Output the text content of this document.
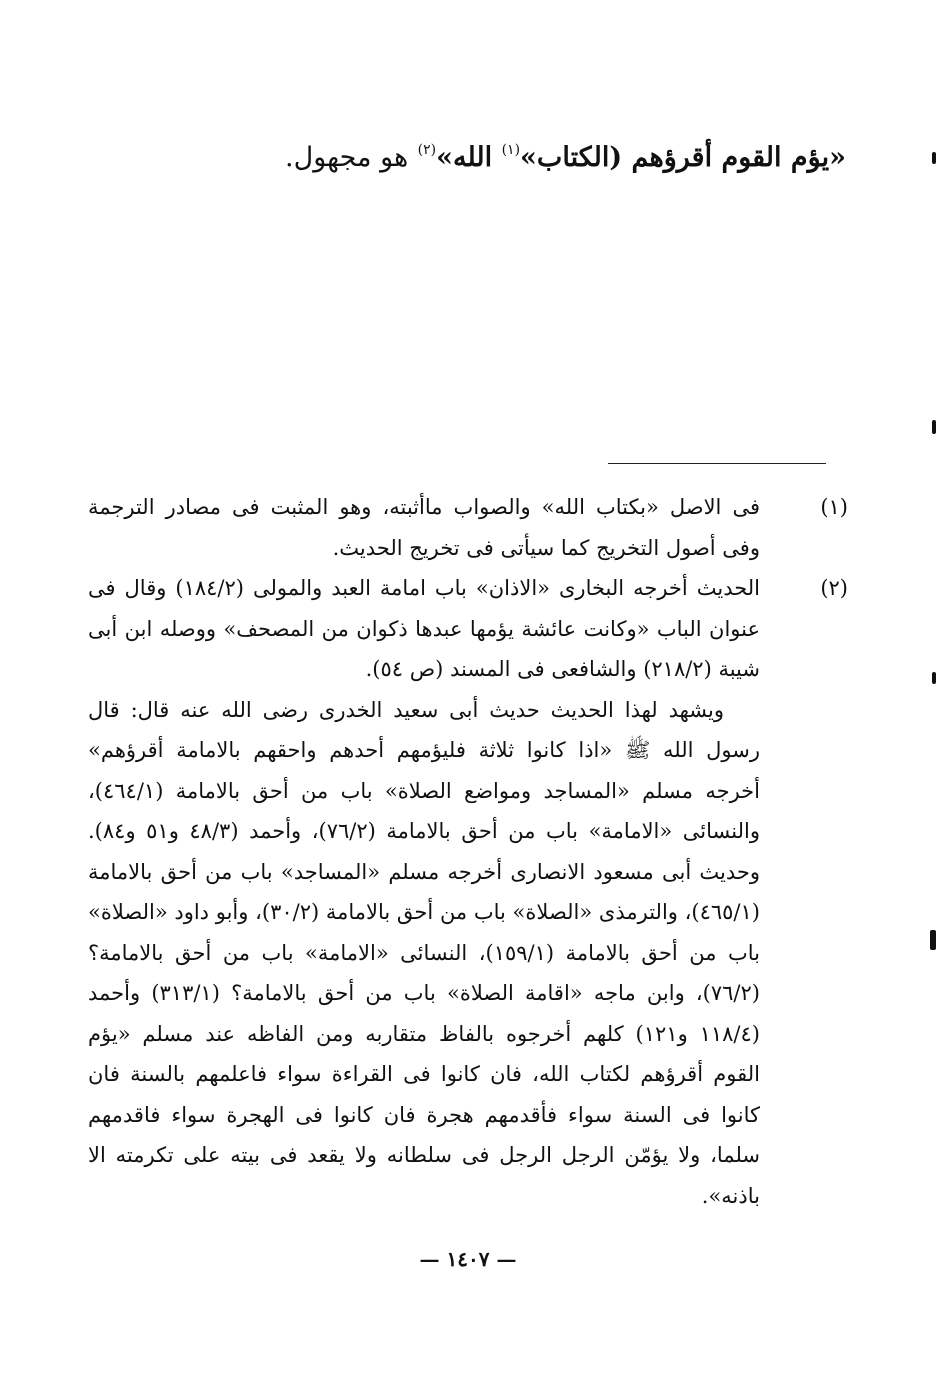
«يؤم القوم أقرؤهم (الكتاب»$^{(١)}$ الله»$^{(٢)}$ هو مجهول.
(١)

فى الاصل «بكتاب الله» والصواب ماأثبته، وهو المثبت فى مصادر الترجمة وفى أصول التخريج كما سيأتى فى تخريج الحديث.

(٢)

الحديث أخرجه البخارى «الاذان» باب امامة العبد والمولى (١٨٤/٢) وقال فى عنوان الباب «وكانت عائشة يؤمها عبدها ذكوان من المصحف» ووصله ابن أبى شيبة (٢١٨/٢) والشافعى فى المسند (ص ٥٤).

ويشهد لهذا الحديث حديث أبى سعيد الخدرى رضى الله عنه قال: قال رسول الله ﷺ «اذا كانوا ثلاثة فليؤمهم أحدهم واحقهم بالامامة أقرؤهم» أخرجه مسلم «المساجد ومواضع الصلاة» باب من أحق بالامامة (٤٦٤/١)، والنسائى «الامامة» باب من أحق بالامامة (٧٦/٢)، وأحمد (٤٨/٣ و٥١ و٨٤). وحديث أبى مسعود الانصارى أخرجه مسلم «المساجد» باب من أحق بالامامة (٤٦٥/١)، والترمذى «الصلاة» باب من أحق بالامامة (٣٠/٢)، وأبو داود «الصلاة» باب من أحق بالامامة (١٥٩/١)، النسائى «الامامة» باب من أحق بالامامة؟ (٧٦/٢)، وابن ماجه «اقامة الصلاة» باب من أحق بالامامة؟ (٣١٣/١) وأحمد (١١٨/٤ و١٢١) كلهم أخرجوه بالفاظ متقاربه ومن الفاظه عند مسلم «يؤم القوم أقرؤهم لكتاب الله، فان كانوا فى القراءة سواء فاعلمهم بالسنة فان كانوا فى السنة سواء فأقدمهم هجرة فان كانوا فى الهجرة سواء فاقدمهم سلما، ولا يؤمّن الرجل الرجل فى سلطانه ولا يقعد فى بيته على تكرمته الا باذنه».

— ١٤٠٧ —
